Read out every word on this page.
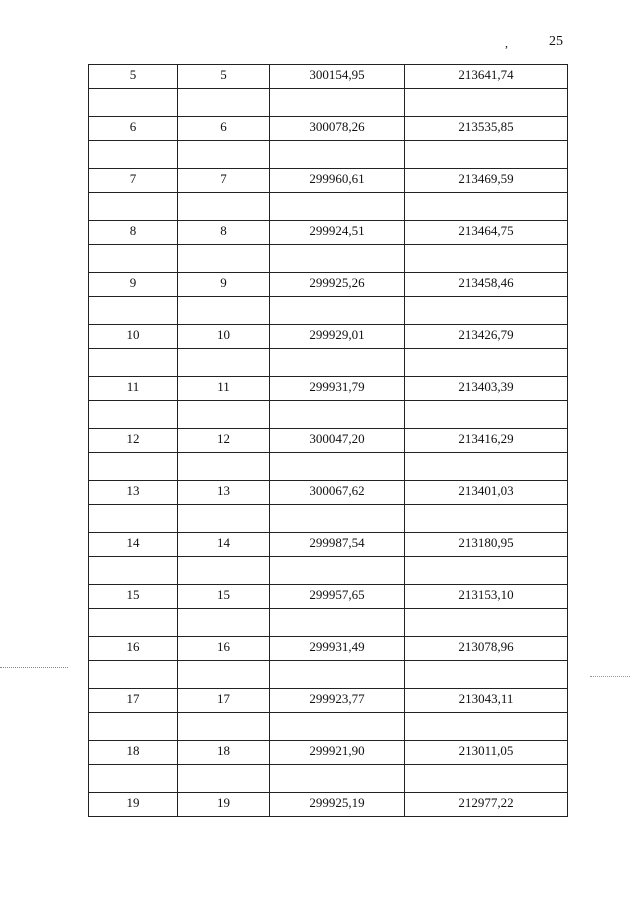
,	25
5	5	300154,95	213641,74

6	6	300078,26	213535,85

7	7	299960,61	213469,59

8	8	299924,51	213464,75

9	9	299925,26	213458,46

10	10	299929,01	213426,79

11	11	299931,79	213403,39

12	12	300047,20	213416,29

13	13	300067,62	213401,03

14	14	299987,54	213180,95

15	15	299957,65	213153,10

16	16	299931,49	213078,96

17	17	299923,77	213043,11

18	18	299921,90	213011,05

19	19	299925,19	212977,22
